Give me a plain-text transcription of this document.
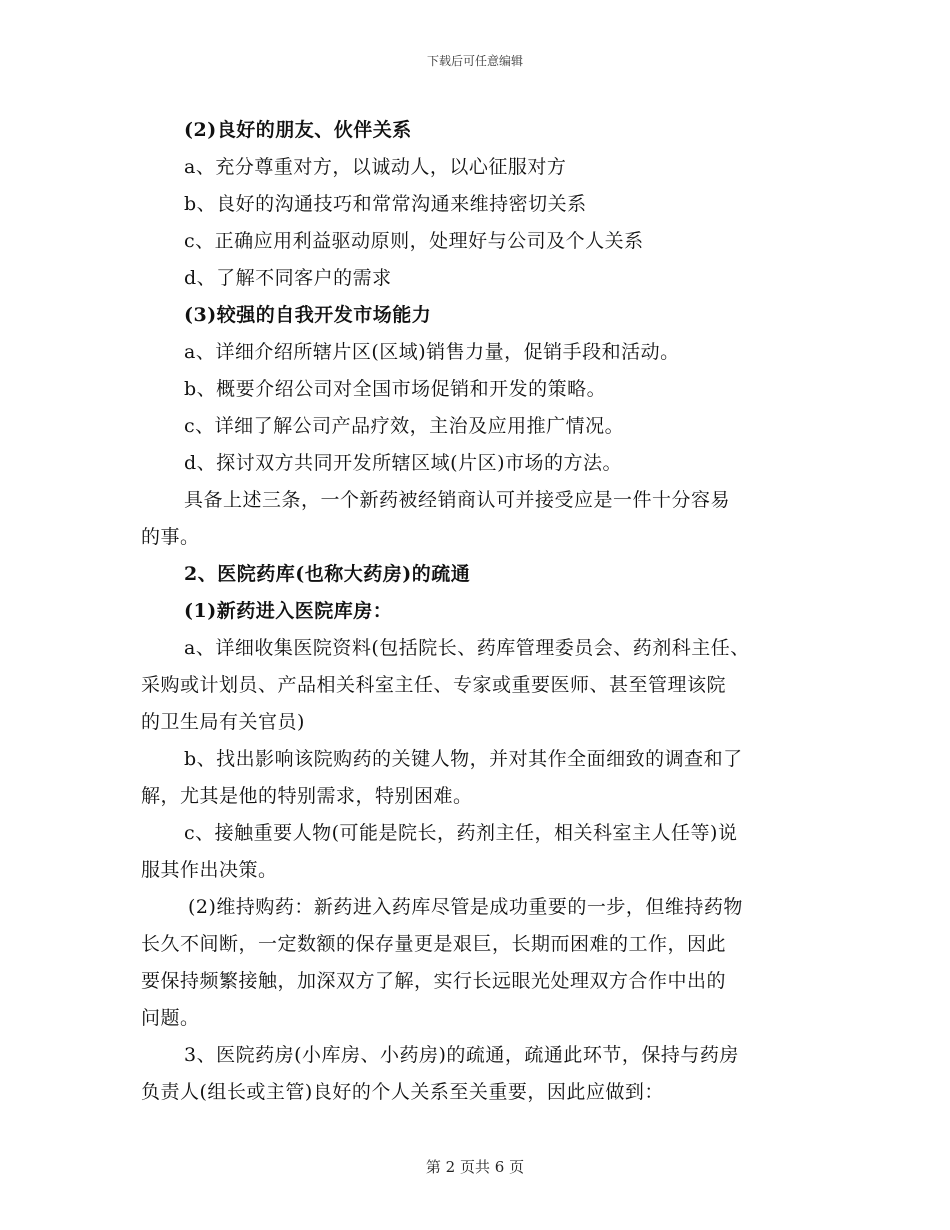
下载后可任意编辑
(2)良好的朋友、伙伴关系
a、充分尊重对方，以诚动人，以心征服对方
b、良好的沟通技巧和常常沟通来维持密切关系
c、正确应用利益驱动原则，处理好与公司及个人关系
d、了解不同客户的需求
(3)较强的自我开发市场能力
a、详细介绍所辖片区(区域)销售力量，促销手段和活动。
b、概要介绍公司对全国市场促销和开发的策略。
c、详细了解公司产品疗效，主治及应用推广情况。
d、探讨双方共同开发所辖区域(片区)市场的方法。
具备上述三条，一个新药被经销商认可并接受应是一件十分容易
的事。
2、医院药库(也称大药房)的疏通
(1)新药进入医院库房：
a、详细收集医院资料(包括院长、药库管理委员会、药剂科主任、
采购或计划员、产品相关科室主任、专家或重要医师、甚至管理该院
的卫生局有关官员)
b、找出影响该院购药的关键人物，并对其作全面细致的调查和了
解，尤其是他的特别需求，特别困难。
c、接触重要人物(可能是院长，药剂主任，相关科室主人任等)说
服其作出决策。
(2)维持购药：新药进入药库尽管是成功重要的一步，但维持药物
长久不间断，一定数额的保存量更是艰巨，长期而困难的工作，因此
要保持频繁接触，加深双方了解，实行长远眼光处理双方合作中出的
问题。
3、医院药房(小库房、小药房)的疏通，疏通此环节，保持与药房
负责人(组长或主管)良好的个人关系至关重要，因此应做到：
第 2 页共 6 页
